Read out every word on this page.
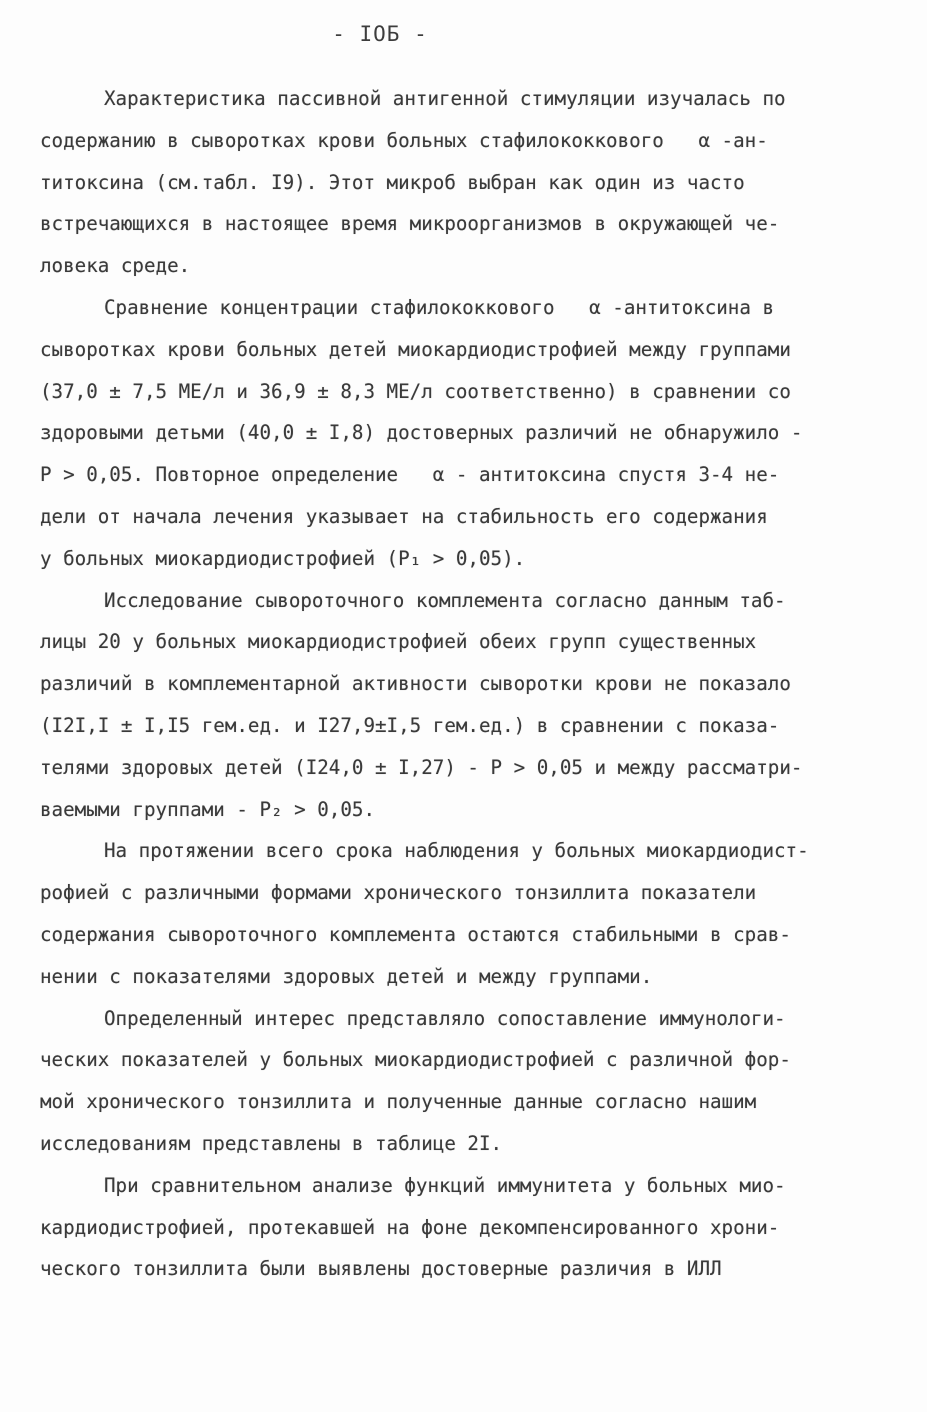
- IOБ -
Характеристика пассивной антигенной стимуляции изучалась по
содержанию в сыворотках крови больных стафилококкового   α -ан-
титоксина (см.табл. I9). Этот микроб выбран как один из часто
встречающихся в настоящее время микроорганизмов в окружающей че-
ловека среде.
Сравнение концентрации стафилококкового   α -антитоксина в
сыворотках крови больных детей миокардиодистрофией между группами
(37,0 ± 7,5 МЕ/л и 36,9 ± 8,3 МЕ/л соответственно) в сравнении со
здоровыми детьми (40,0 ± I,8) достоверных различий не обнаружило -
P > 0,05. Повторное определение   α - антитоксина спустя 3-4 не-
дели от начала лечения указывает на стабильность его содержания
у больных миокардиодистрофией (P₁ > 0,05).
Исследование сывороточного комплемента согласно данным таб-
лицы 20 у больных миокардиодистрофией обеих групп существенных
различий в комплементарной активности сыворотки крови не показало
(I2I,I ± I,I5 гем.ед. и I27,9±I,5 гем.ед.) в сравнении с показа-
телями здоровых детей (I24,0 ± I,27) - P > 0,05 и между рассматри-
ваемыми группами - P₂ > 0,05.
На протяжении всего срока наблюдения у больных миокардиодист-
рофией с различными формами хронического тонзиллита показатели
содержания сывороточного комплемента остаются стабильными в срав-
нении с показателями здоровых детей и между группами.
Определенный интерес представляло сопоставление иммунологи-
ческих показателей у больных миокардиодистрофией с различной фор-
мой хронического тонзиллита и полученные данные согласно нашим
исследованиям представлены в таблице 2I.
При сравнительном анализе функций иммунитета у больных мио-
кардиодистрофией, протекавшей на фоне декомпенсированного хрони-
ческого тонзиллита были выявлены достоверные различия в ИЛЛ
